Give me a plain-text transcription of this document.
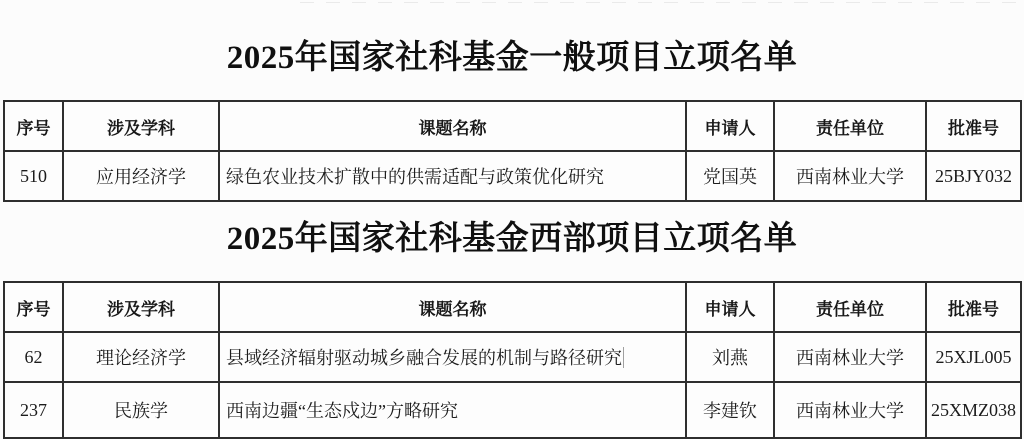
2025年国家社科基金一般项目立项名单
序号	涉及学科	课题名称	申请人	责任单位	批准号
510	应用经济学	绿色农业技术扩散中的供需适配与政策优化研究	党国英	西南林业大学	25BJY032
2025年国家社科基金西部项目立项名单
序号	涉及学科	课题名称	申请人	责任单位	批准号
62	理论经济学	县域经济辐射驱动城乡融合发展的机制与路径研究	刘燕	西南林业大学	25XJL005
237	民族学	西南边疆“生态戍边”方略研究	李建钦	西南林业大学	25XMZ038
